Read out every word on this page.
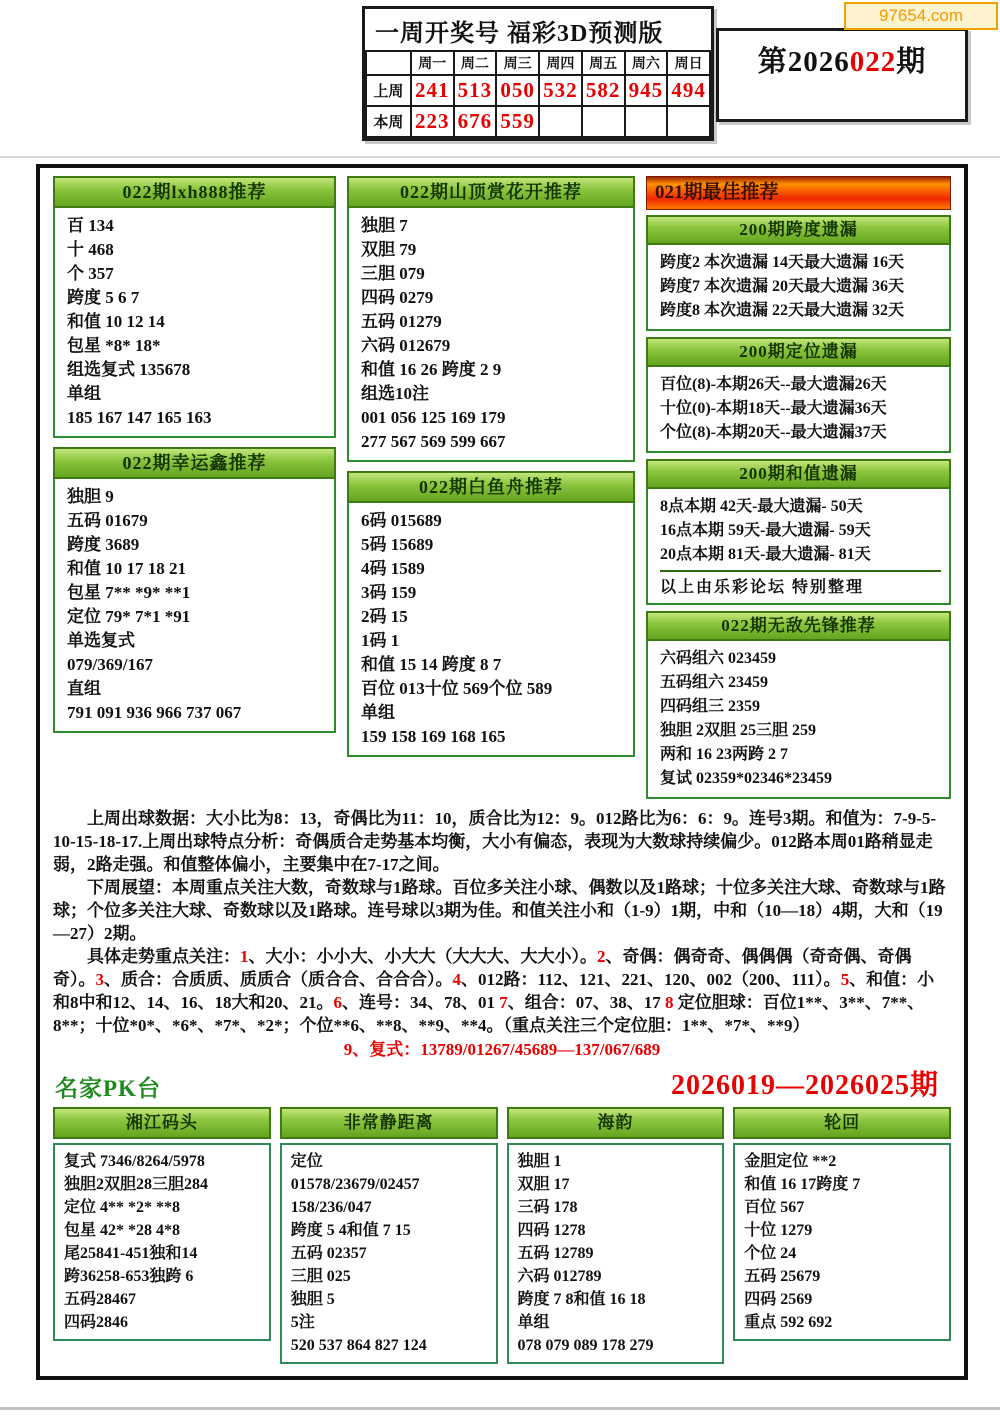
一周开奖号 福彩3D预测版
	周一	周二	周三	周四	周五	周六	周日
上周	241	513	050	532	582	945	494
本周	223	676	559				
第2026022期
97654.com
022期lxh888推荐
百 134
十 468
个 357
跨度 5 6 7
和值 10 12 14
包星 *8* 18*
组选复式 135678
单组
185 167 147 165 163
022期幸运鑫推荐
独胆 9
五码 01679
跨度 3689
和值 10 17 18 21
包星 7** *9* **1
定位 79* 7*1 *91
单选复式
079/369/167
直组
791 091 936 966 737 067
022期山顶赏花开推荐
独胆 7
双胆 79
三胆 079
四码 0279
五码 01279
六码 012679
和值 16 26 跨度 2 9
组选10注
001 056 125 169 179
277 567 569 599 667
022期白鱼舟推荐
6码 015689
5码 15689
4码 1589
3码 159
2码 15
1码 1
和值 15 14 跨度 8 7
百位 013十位 569个位 589
单组
159 158 169 168 165
021期最佳推荐
200期跨度遗漏
跨度2 本次遗漏 14天最大遗漏 16天
跨度7 本次遗漏 20天最大遗漏 36天
跨度8 本次遗漏 22天最大遗漏 32天
200期定位遗漏
百位(8)-本期26天--最大遗漏26天
十位(0)-本期18天--最大遗漏36天
个位(8)-本期20天--最大遗漏37天
200期和值遗漏
8点本期 42天-最大遗漏- 50天
16点本期 59天-最大遗漏- 59天
20点本期 81天-最大遗漏- 81天
以上由乐彩论坛 特别整理
022期无敌先锋推荐
六码组六 023459
五码组六 23459
四码组三 2359
独胆 2双胆 25三胆 259
两和 16 23两跨 2 7
复试 02359*02346*23459

上周出球数据：大小比为8：13，奇偶比为11：10，质合比为12：9。012路比为6：6：9。连号3期。和值为：7-9-5-10-15-18-17.上周出球特点分析：奇偶质合走势基本均衡，大小有偏态，表现为大数球持续偏少。012路本周01路稍显走弱，2路走强。和值整体偏小，主要集中在7-17之间。

下周展望：本周重点关注大数，奇数球与1路球。百位多关注小球、偶数以及1路球；十位多关注大球、奇数球与1路球；个位多关注大球、奇数球以及1路球。连号球以3期为佳。和值关注小和（1-9）1期，中和（10—18）4期，大和（19—27）2期。

具体走势重点关注：1、大小：小小大、小大大（大大大、大大小）。2、奇偶：偶奇奇、偶偶偶（奇奇偶、奇偶奇）。3、质合：合质质、质质合（质合合、合合合）。4、012路：112、121、221、120、002（200、111）。5、和值：小和8中和12、14、16、18大和20、21。6、连号：34、78、01 7、组合：07、38、17 8 定位胆球：百位1**、3**、7**、8**；十位*0*、*6*、*7*、*2*；个位**6、**8、**9、**4。（重点关注三个定位胆：1**、*7*、**9）

9、复式：13789/01267/45689—137/067/689
名家PK台	2026019—2026025期
湘江码头
复式 7346/8264/5978
独胆2双胆28三胆284
定位 4** *2* **8
包星 42* *28 4*8
尾25841-451独和14
跨36258-653独跨 6
五码28467
四码2846
非常静距离
定位
01578/23679/02457
158/236/047
跨度 5 4和值 7 15
五码 02357
三胆 025
独胆 5
5注
520 537 864 827 124
海韵
独胆 1
双胆 17
三码 178
四码 1278
五码 12789
六码 012789
跨度 7 8和值 16 18
单组
078 079 089 178 279
轮回
金胆定位 **2
和值 16 17跨度 7
百位 567
十位 1279
个位 24
五码 25679
四码 2569
重点 592 692
